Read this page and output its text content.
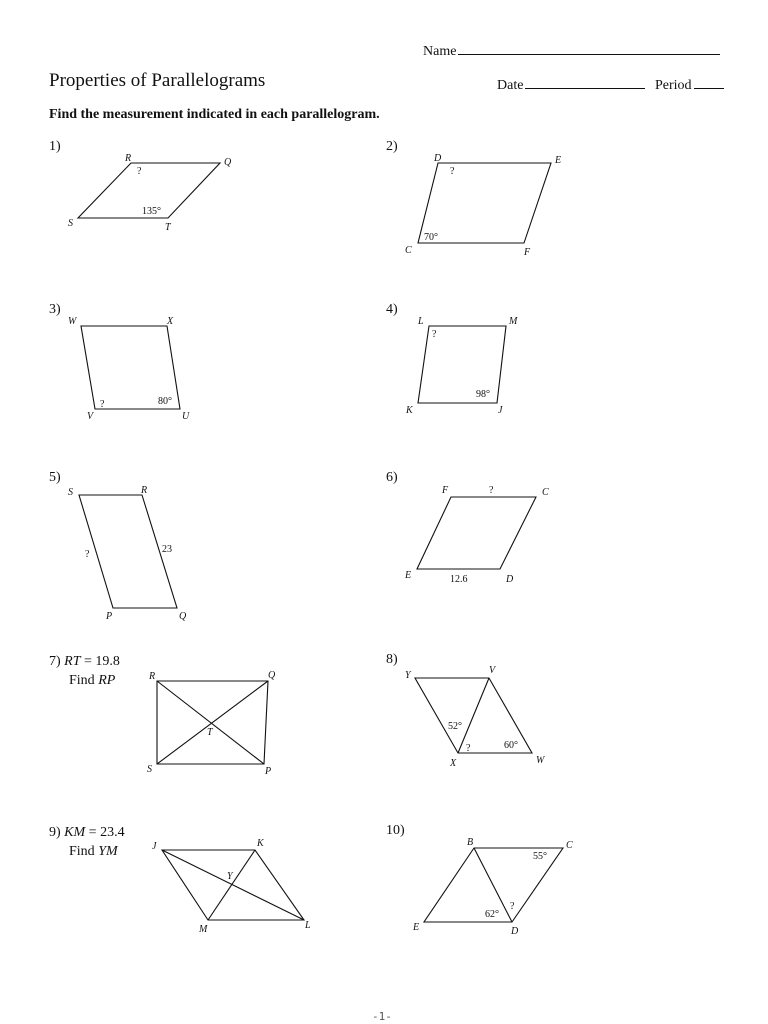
Name
Properties of Parallelograms	Date	Period
Find the measurement indicated in each parallelogram.
1)	2)
3)	4)
5)	6)
7) RT = 19.8
Find RP
8)
9) KM = 23.4
Find YM
10)
R	Q
S	T
?
135°
D	E
C	F
?
70°
W	X
V	U
?	80°
L	M
K	J
?
98°
S	R
P	Q
?	23
F	C
E	D
?
12.6
R	Q
S	P
T
Y	V
X	W
52°
?	60°
J	K
Y
M	L
B	C
E	D
55°
62°
?
-1-
